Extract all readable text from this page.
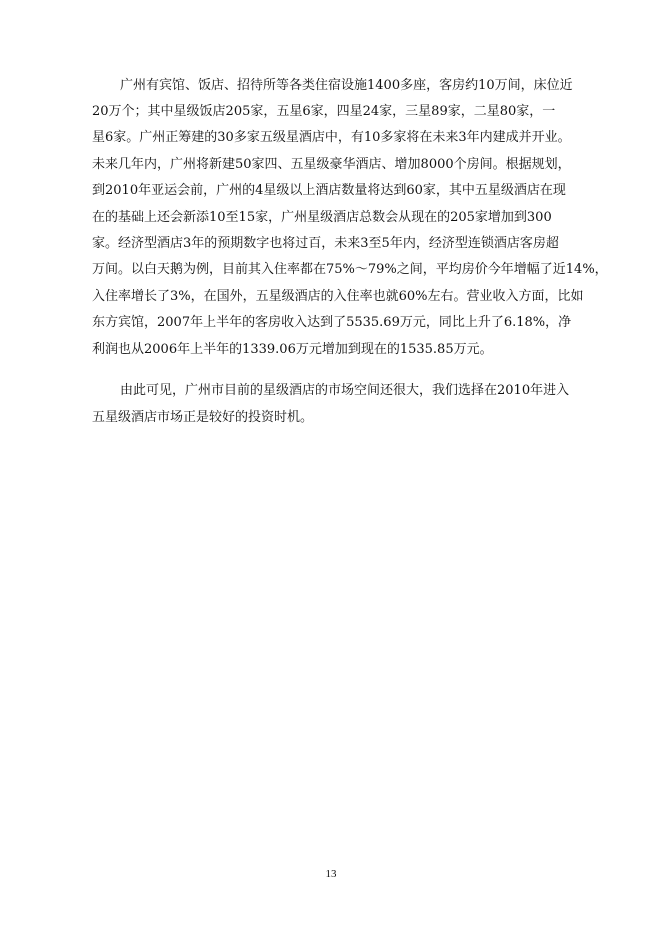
广州有宾馆、饭店、招待所等各类住宿设施1400多座，客房约10万间，床位近
20万个；其中星级饭店205家，五星6家，四星24家，三星89家，二星80家，一
星6家。广州正筹建的30多家五级星酒店中，有10多家将在未来3年内建成并开业。
未来几年内，广州将新建50家四、五星级豪华酒店、增加8000个房间。根据规划，
到2010年亚运会前，广州的4星级以上酒店数量将达到60家，其中五星级酒店在现
在的基础上还会新添10至15家，广州星级酒店总数会从现在的205家增加到300
家。经济型酒店3年的预期数字也将过百，未来3至5年内，经济型连锁酒店客房超
万间。以白天鹅为例，目前其入住率都在75%～79%之间，平均房价今年增幅了近14%，
入住率增长了3%，在国外，五星级酒店的入住率也就60%左右。营业收入方面，比如
东方宾馆，2007年上半年的客房收入达到了5535.69万元，同比上升了6.18%，净
利润也从2006年上半年的1339.06万元增加到现在的1535.85万元。
由此可见，广州市目前的星级酒店的市场空间还很大，我们选择在2010年进入
五星级酒店市场正是较好的投资时机。
13
